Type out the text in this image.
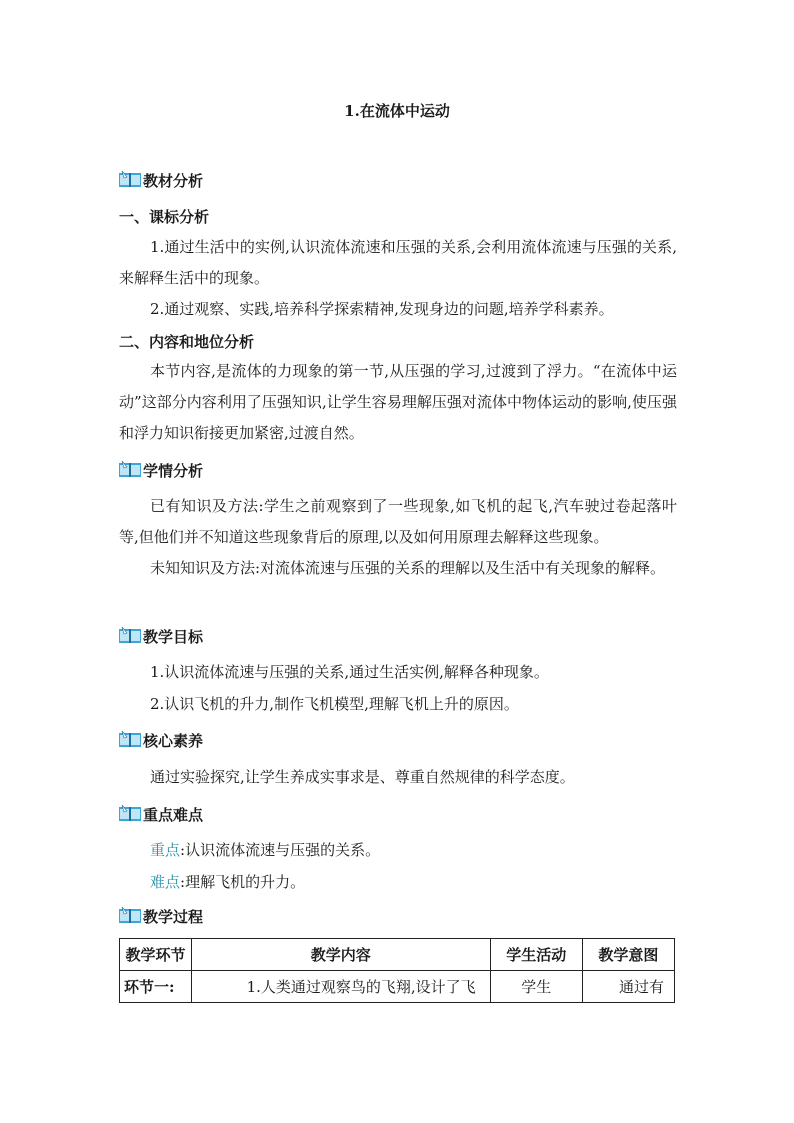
1.在流体中运动
教材分析
一、课标分析

1.通过生活中的实例,认识流体流速和压强的关系,会利用流体流速与压强的关系,来解释生活中的现象。

2.通过观察、实践,培养科学探索精神,发现身边的问题,培养学科素养。

二、内容和地位分析

本节内容,是流体的力现象的第一节,从压强的学习,过渡到了浮力。“在流体中运动”这部分内容利用了压强知识,让学生容易理解压强对流体中物体运动的影响,使压强和浮力知识衔接更加紧密,过渡自然。

学情分析

已有知识及方法:学生之前观察到了一些现象,如飞机的起飞,汽车驶过卷起落叶等,但他们并不知道这些现象背后的原理,以及如何用原理去解释这些现象。

未知知识及方法:对流体流速与压强的关系的理解以及生活中有关现象的解释。

教学目标

1.认识流体流速与压强的关系,通过生活实例,解释各种现象。

2.认识飞机的升力,制作飞机模型,理解飞机上升的原因。

核心素养

通过实验探究,让学生养成实事求是、尊重自然规律的科学态度。

重点难点

重点:认识流体流速与压强的关系。

难点:理解飞机的升力。

教学过程
教学环节	教学内容	学生活动	教学意图
环节一:	1.人类通过观察鸟的飞翔,设计了飞	学生	通过有
